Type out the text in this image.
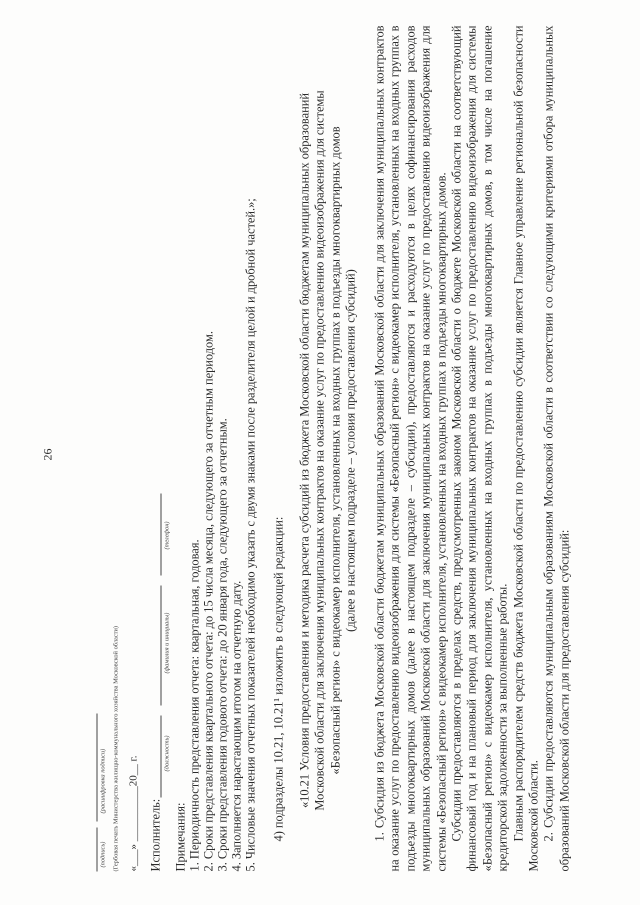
26
(подпись)
(расшифровка подписи) (Гербовая печать Министерства жилищно-коммунального хозяйства Московской области) «___» __________20__ г. Исполнитель:
(должность)
(фамилия и инициалы)
(телефон)
Примечания: 1. Периодичность представления отчета: квартальная, годовая. 2. Сроки представления квартального отчета: до 15 числа месяца, следующего за отчетным периодом. 3. Сроки представления годового отчета: до 20 января года, следующего за отчетным. 4. Заполняется нарастающим итогом на отчетную дату. 5. Числовые значения отчетных показателей необходимо указать с двумя знаками после разделителя целой и дробной частей.»; 4) подразделы 10.21, 10.21¹ изложить в следующей редакции: «10.21 Условия предоставления и методика расчета субсидий из бюджета Московской области бюджетам муниципальных образований Московской области для заключения муниципальных контрактов на оказание услуг по предоставлению видеоизображения для системы «Безопасный регион» с видеокамер исполнителя, установленных на входных группах в подъезды многоквартирных домов (далее в настоящем подразделе – условия предоставления субсидий) 1. Субсидия из бюджета Московской области бюджетам муниципальных образований Московской области для заключения муниципальных контрактов на оказание услуг по предоставлению видеоизображения для системы «Безопасный регион» с видеокамер исполнителя, установленных на входных группах в подъезды многоквартирных домов (далее в настоящем подразделе – субсидии), предоставляются и расходуются в целях софинансирования расходов муниципальных образований Московской области для заключения муниципальных контрактов на оказание услуг по предоставлению видеоизображения для системы «Безопасный регион» с видеокамер исполнителя, установленных на входных группах в подъезды многоквартирных домов. Субсидии предоставляются в пределах средств, предусмотренных законом Московской области о бюджете Московской области на соответствующий финансовый год и на плановый период для заключения муниципальных контрактов на оказание услуг по предоставлению видеоизображения для системы «Безопасный регион» с видеокамер исполнителя, установленных на входных группах в подъезды многоквартирных домов, в том числе на погашение кредиторской задолженности за выполненные работы. Главным распорядителем средств бюджета Московской области по предоставлению субсидии является Главное управление региональной безопасности Московской области. 2. Субсидии предоставляются муниципальным образованиям Московской области в соответствии со следующими критериями отбора муниципальных образований Московской области для предоставления субсидий:
